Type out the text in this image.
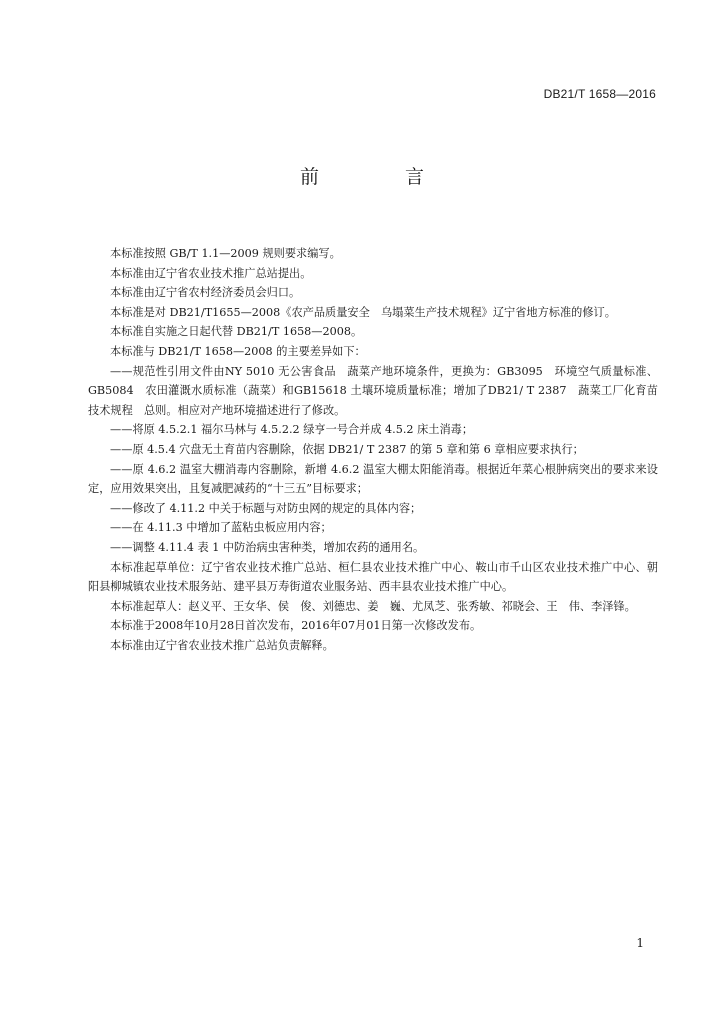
DB21/T 1658—2016
前 言

本标准按照 GB/T 1.1—2009 规则要求编写。

本标准由辽宁省农业技术推广总站提出。

本标准由辽宁省农村经济委员会归口。

本标准是对 DB21/T1655—2008《农产品质量安全　乌塌菜生产技术规程》辽宁省地方标准的修订。

本标准自实施之日起代替 DB21/T 1658—2008。

本标准与 DB21/T 1658—2008 的主要差异如下：

——规范性引用文件由NY 5010 无公害食品　蔬菜产地环境条件，更换为：GB3095　环境空气质量标准、GB5084　农田灌溉水质标准（蔬菜）和GB15618 土壤环境质量标准；增加了DB21/ T 2387　蔬菜工厂化育苗技术规程　总则。相应对产地环境描述进行了修改。

——将原 4.5.2.1 福尔马林与 4.5.2.2 绿亨一号合并成 4.5.2 床土消毒；

——原 4.5.4 穴盘无土育苗内容删除，依据 DB21/ T 2387 的第 5 章和第 6 章相应要求执行；

——原 4.6.2 温室大棚消毒内容删除，新增 4.6.2 温室大棚太阳能消毒。根据近年菜心根肿病突出的要求来设定，应用效果突出，且复减肥减药的“十三五”目标要求；

——修改了 4.11.2 中关于标题与对防虫网的规定的具体内容；

——在 4.11.3 中增加了蓝粘虫板应用内容；

——调整 4.11.4 表 1 中防治病虫害种类，增加农药的通用名。

本标准起草单位：辽宁省农业技术推广总站、桓仁县农业技术推广中心、鞍山市千山区农业技术推广中心、朝阳县柳城镇农业技术服务站、建平县万寿街道农业服务站、西丰县农业技术推广中心。

本标准起草人：赵义平、王女华、侯　俊、刘德忠、姜　巍、尤凤芝、张秀敏、祁晓会、王　伟、李泽锋。

本标准于2008年10月28日首次发布，2016年07月01日第一次修改发布。

本标准由辽宁省农业技术推广总站负责解释。

1
